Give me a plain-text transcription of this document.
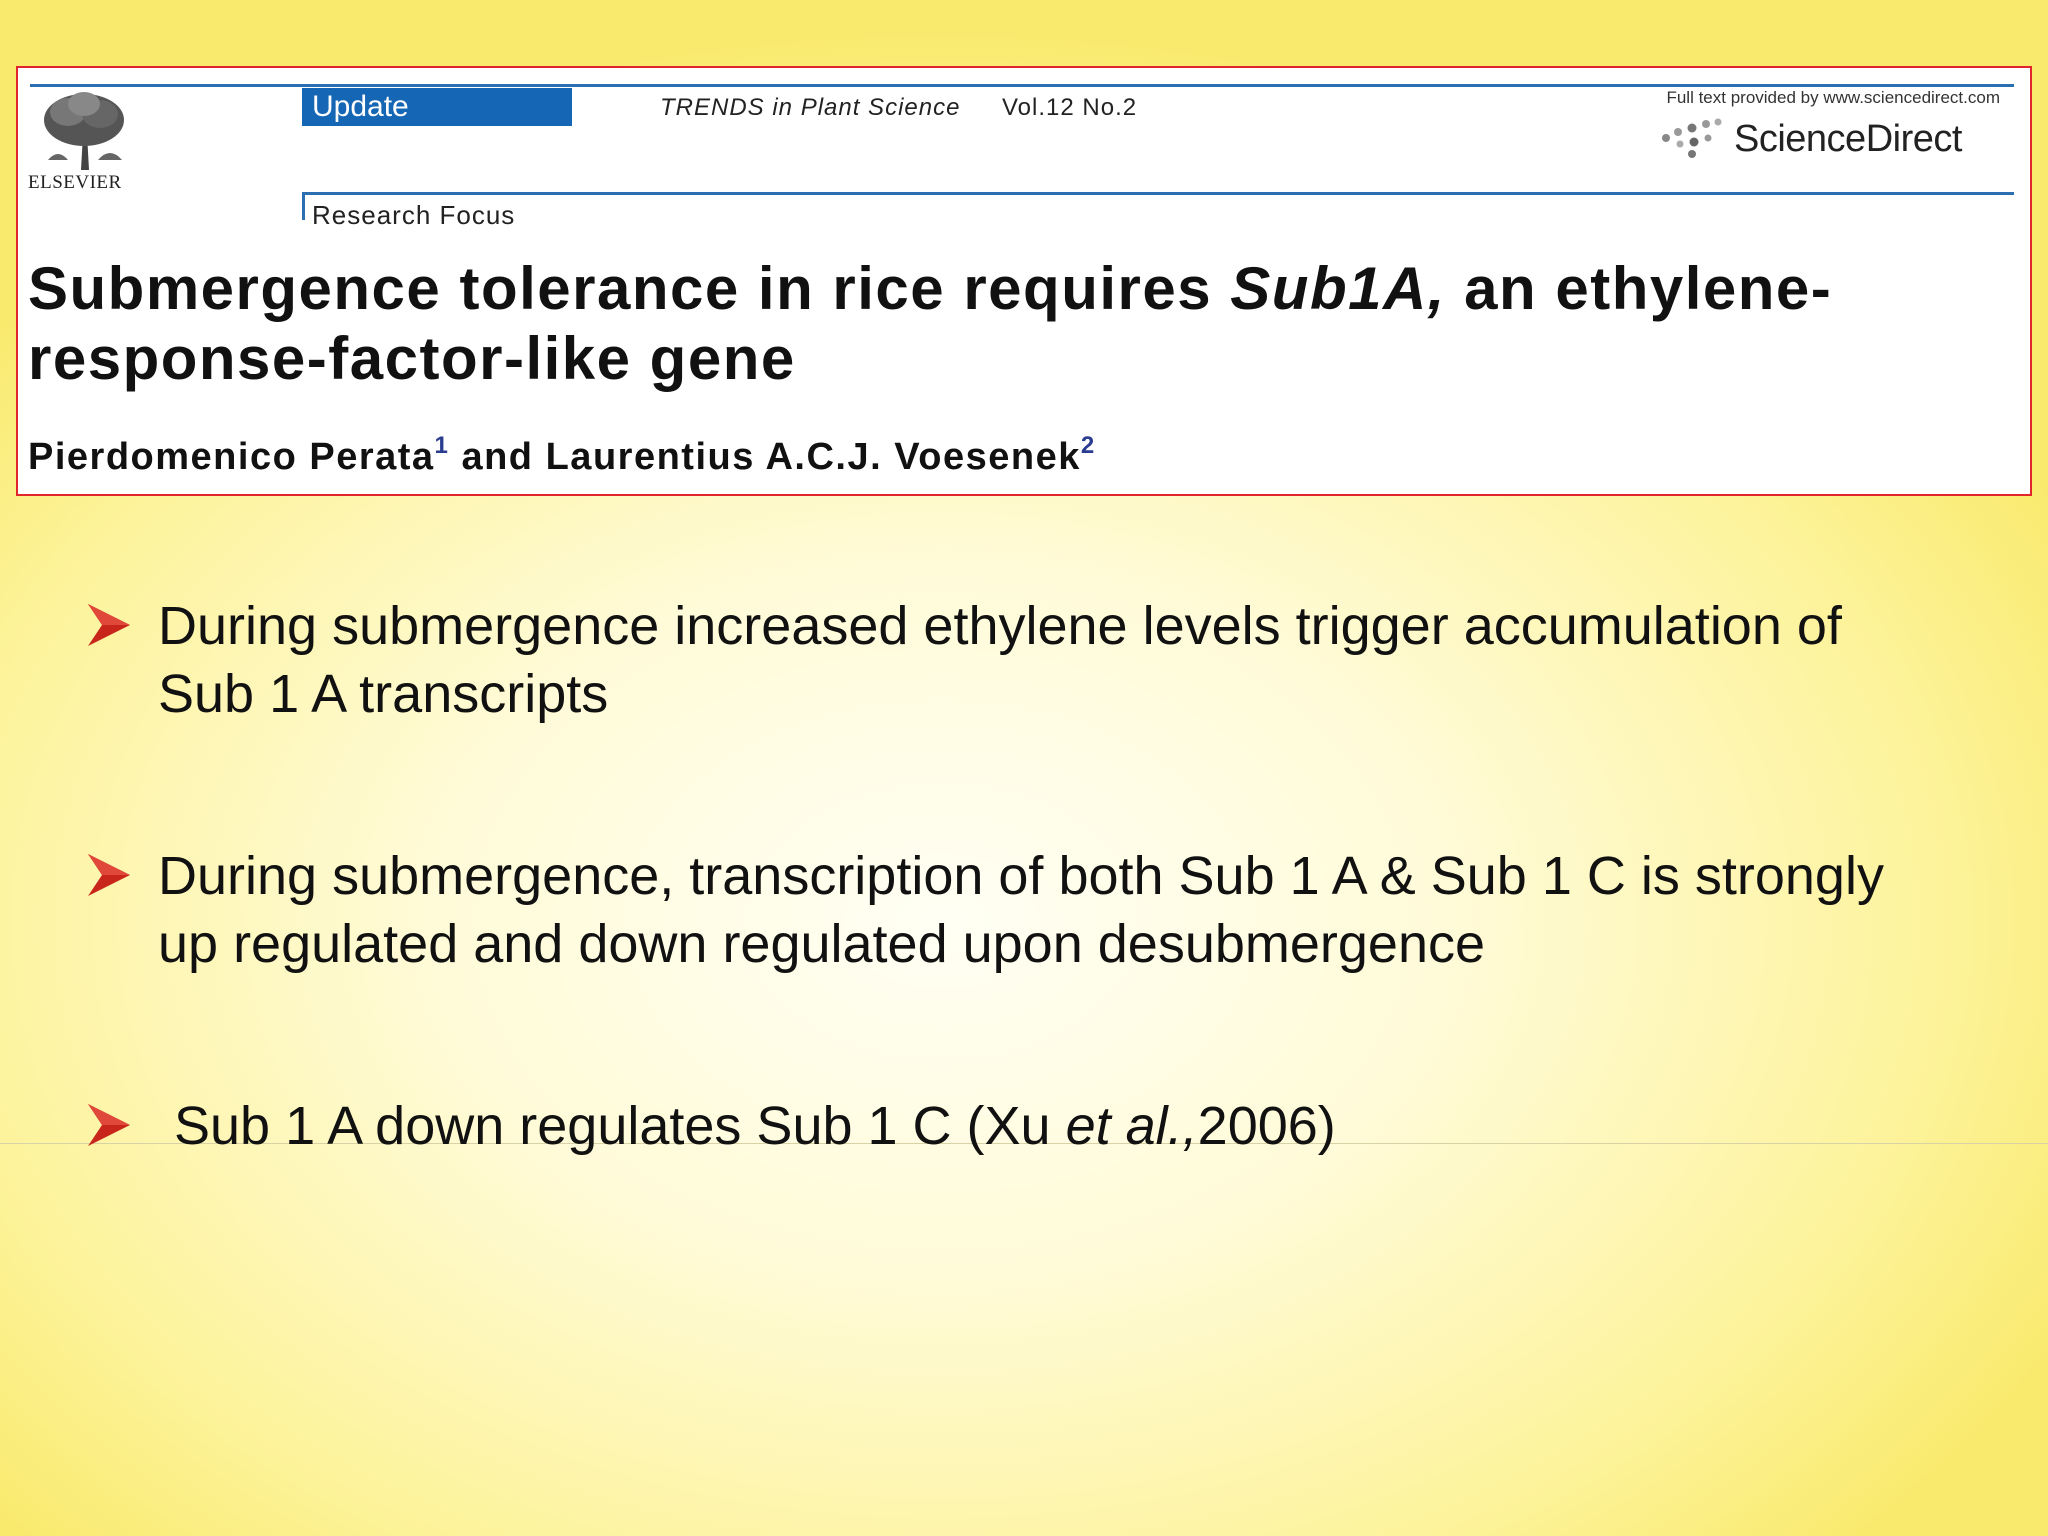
ELSEVIER
Update	TRENDS in Plant Science Vol.12 No.2	Full text provided by www.sciencedirect.com
ScienceDirect
Research Focus
Submergence tolerance in rice requires Sub1A, an ethylene-response-factor-like gene
Pierdomenico Perata$^1$ and Laurentius A.C.J. Voesenek$^2$

During submergence increased ethylene levels trigger accumulation of Sub 1 A transcripts

During submergence, transcription of both Sub 1 A & Sub 1 C is strongly up regulated and down regulated upon desubmergence

Sub 1 A down regulates Sub 1 C (Xu et al.,2006)
